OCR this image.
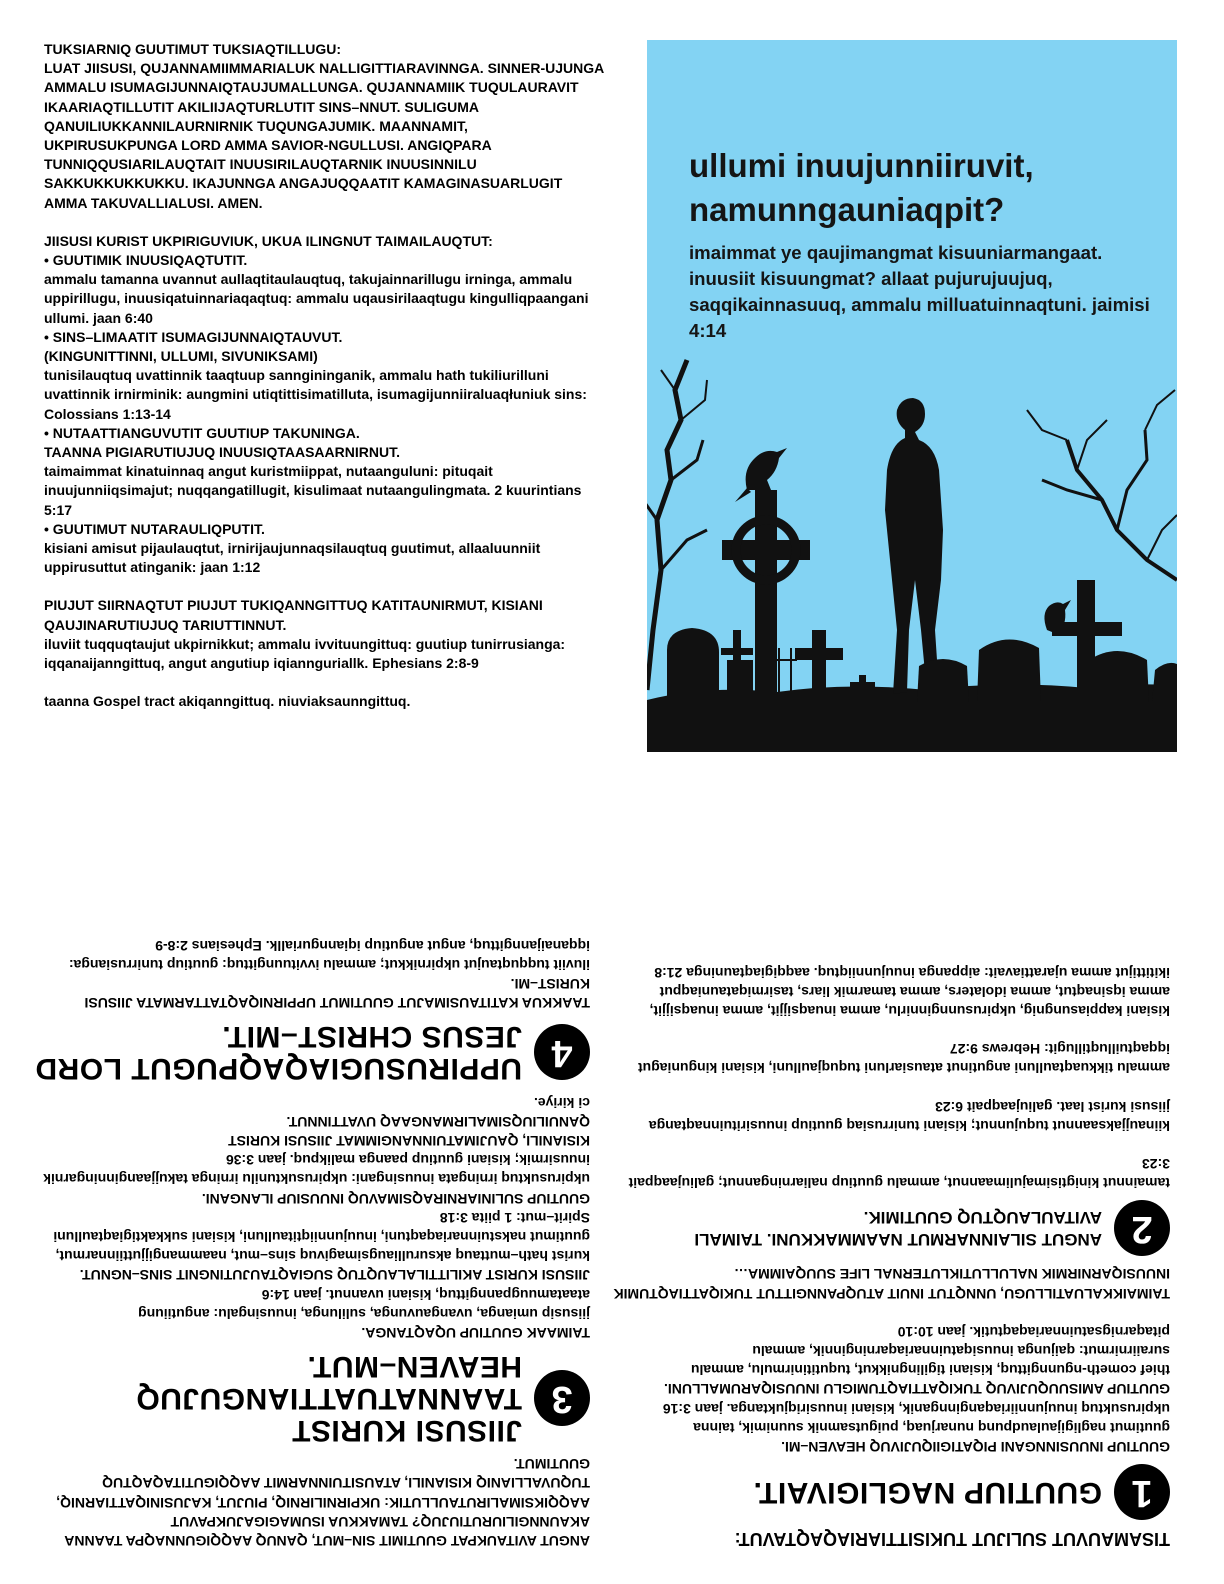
TUKSIARNIQ GUUTIMUT TUKSIAQTILLUGU:

LUAT JIISUSI, QUJANNAMIIMMARIALUK NALLIGITTIARAVINNGA. SINNER-UJUNGA AMMALU ISUMAGIJUNNAIQTAUJUMALLUNGA. QUJANNAMIIK TUQULAURAVIT IKAARIAQTILLUTIT AKILIIJAQTURLUTIT SINS–NNUT. SULIGUMA QANUILIUKKANNILAURNIRNIK TUQUNGAJUMIK. MAANNAMIT, UKPIRUSUKPUNGA LORD AMMA SAVIOR-NGULLUSI. ANGIQPARA TUNNIQQUSIARILAUQTAIT INUUSIRILAUQTARNIK INUUSINNILU SAKKUKKUKKUKKU. IKAJUNNGA ANGAJUQQAATIT KAMAGINASUARLUGIT AMMA TAKUVALLIALUSI. AMEN.

JIISUSI KURIST UKPIRIGUVIUK, UKUA ILINGNUT TAIMAILAUQTUT:

• GUUTIMIK INUUSIQAQTUTIT.

ammalu tamanna uvannut aullaqtitaulauqtuq, takujainnarillugu irninga, ammalu uppirillugu, inuusiqatuinnariaqaqtuq: ammalu uqausirilaaqtugu kingulliqpaangani ullumi. jaan 6:40

• SINS–LIMAATIT ISUMAGIJUNNAIQTAUVUT.

(KINGUNITTINNI, ULLUMI, SIVUNIKSAMI)

tunisilauqtuq uvattinnik taaqtuup sanngininganik, ammalu hath tukiliurilluni uvattinnik irnirminik: aungmini utiqtittisimatilluta, isumagijunniiraluaqłuniuk sins: Colossians 1:13-14

• NUTAATTIANGUVUTIT GUUTIUP TAKUNINGA.

TAANNA PIGIARUTIUJUQ INUUSIQTAASAARNIRNUT.

taimaimmat kinatuinnaq angut kuristmiippat, nutaanguluni: pituqait inuujunniiqsimajut; nuqqangatillugit, kisulimaat nutaangulingmata. 2 kuurintians 5:17

• GUUTIMUT NUTARAULIQPUTIT.

kisiani amisut pijaulauqtut, irnirijaujunnaqsilauqtuq guutimut, allaaluunniit uppirusuttut atinganik: jaan 1:12

PIUJUT SIIRNAQTUT PIUJUT TUKIQANNGITTUQ KATITAUNIRMUT, KISIANI QAUJINARUTIUJUQ TARIUTTINNUT.

iluviit tuqquqtaujut ukpirnikkut; ammalu ivvituungittuq: guutiup tunirrusianga: iqqanaijanngittuq, angut angutiup iqiannguriallk. Ephesians 2:8-9

taanna Gospel tract akiqanngittuq. niuviaksaunngittuq.

ullumi inuujunniiruvit, namunngauniaqpit?
imaimmat ye qaujimangmat kisuuniarmangaat. inuusiit kisuungmat? allaat pujurujuujuq, saqqikainnasuuq, ammalu milluatuinnaqtuni. jaimisi 4:14

TISAMAUVUT SULIJUT TUKISITTIARIAQAQTAVUT:

1
GUUTIUP NAGLIGIVAIT.

GUUTIUP INUUSINNGANI PIQATIGIIQUJIVUQ HEAVEN–MI.

guutimut nagligijaulaudpunq nunarjuaq, puigutsamnik suunimik, tainna ukpirusuktuq inuujunniiriaqanginnganik, kisiani inuusiriqjuktanga. jaan 3:16

GUUTIUP AMISUUQUJIVUQ TUKIQATTIAQTUMIGLU INUUSIQARUMALLUNI.

thief cometh-ngunngittuq, kisiani tigilingnikkut, tuqutitinirmulu, ammalu suraiirnirmut: qaijunga inuusiqatuinnariaqarninginnik, ammalu pitaqarnigsatuinnariaqaqtutik. jaan 10:10

TAIMAIKKALUATILLUGU, UNNQTUT INUIT ATUQPANNGITTUT TUKIQATTIAQTUMIK INUUSIQARNIRMIK NALULLUTIKLUTERNAL LIFE SUUQAIMMA…

2
ANGUT SILAINNARMUT NAAMMAKKUNI. TAIMALI AVITAULAUQTUQ GUUTIMIK.

tamainnut kinigtisimajulimaannut, ammalu guutiup naliarningannut; galiujaaqpait 3:23

kiinaujjaksaannut tuqujunnut; kisiani tunirrusiaq guutiup inuusirituinnaqtanga jiisusi kurist laat. galiujaaqpait 6:23

ammalu tikkuaqtaulluni angutinut atausiarluni tuquqjaulluni, kisiani kinguniagut iqqaqtuilluqtillugit: Hebrews 9:27

kisiani kappiasungnig, ukpirusunnginnirlu, amma inuaqsijjit, amma inuaqsijjit, amma iqsinaqtut, amma idolaters, amma tamarmik liars, tasirmiqatauniaqput ikitittijut amma ujarattiavait: aippanga inuujunniiqtuq. aaqqigiaqtauninga 21:8

ANGUT AVITAUKPAT GUUTIMIT SIN–MUT, QANUQ AAQQIGUNNAQPA TAANNA AKAUNNGILIURUTIUJUQ? TAMAKKUA ISUMAGIGAJUKPAVUT AAQQIKSIMALIRUTAULLUTIK: UKPIRNILIRNIQ, PIUJUT, KAJUSINIQATTIARNIQ, TUQUVALLIANIQ KISIANILI, ATAUSITUINNARMIT AAQQIGUTITAQAQTUQ GUUTIMUT.

3
JIISUSI KURIST TAANNATUATTIANGUJUQ HEAVEN–MUT.

TAIMAAK GUUTIUP UQAQTANGA.

jiisusip umianga, uvangauvunga, sulilunga, inuusingalu: angutiiung ataatamuugpanngittuq, kisiani uvannut. jaan 14:6

JIISUSI KURIST AKILITTILALAUQTUQ SUGIAQTAUJUTINGNIT SINS–NGNUT.

kurist hath–muttauq aksurulliaugsimagivuq sins–mut, naammangijjuttiinnarmut, guutimut nakstuinnariaqaqtuni, inuujunniiqtitaulluni, kisiani sukkaktigiaqtaulluni Spirit–mut: 1 piita 3:18

GUUTIUP SULINIARNIRAQSIMAVUQ INUUSIUP ILANGANI.

ukpirusuktuq irningata inuusingani: ukpirusuktunilu irninga takujjaanginningarnik inuusirmik; kisiani guutiup paanga malikpuq. jaan 3:36

KISIANILI, QAUJIMATUINNANGIMMAT JIISUSI KURIST QANUILIUQSIMALIRMANGAAQ UVATTINNUT.

ci kiriye.

4
UPPIRUSUGIAQAQPUGUT LORD JESUS CHRIST–MIT.

TAAKKUA KATITAUSIMAJUT GUUTIMUT UPPIRNIQAQTATTARMATA JIISUSI KURIST–MI.

iluviit tuqquqtaujut ukpirnikkut; ammalu ivvituungittuq: guutiup tunirrusianga: iqqanaijanngittuq, angut angutiup iqiannguriallk. Ephesians 2:8-9
